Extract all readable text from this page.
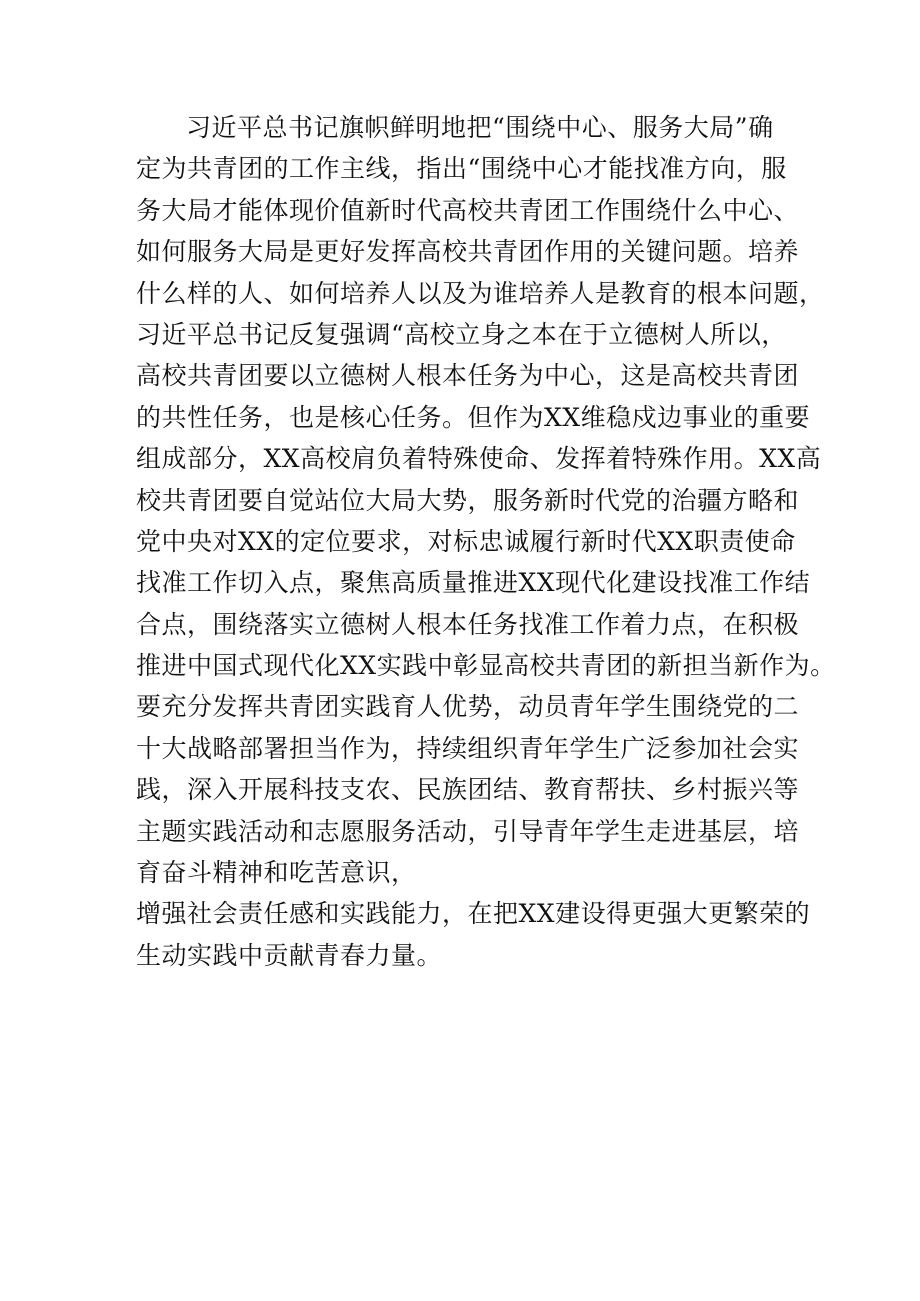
习近平总书记旗帜鲜明地把“围绕中心、服务大局”确
定为共青团的工作主线，指出“围绕中心才能找准方向，服
务大局才能体现价值新时代高校共青团工作围绕什么中心、
如何服务大局是更好发挥高校共青团作用的关键问题。培养
什么样的人、如何培养人以及为谁培养人是教育的根本问题，
习近平总书记反复强调“高校立身之本在于立德树人所以，
高校共青团要以立德树人根本任务为中心，这是高校共青团
的共性任务，也是核心任务。但作为XX维稳戍边事业的重要
组成部分，XX高校肩负着特殊使命、发挥着特殊作用。XX高
校共青团要自觉站位大局大势，服务新时代党的治疆方略和
党中央对XX的定位要求，对标忠诚履行新时代XX职责使命
找准工作切入点，聚焦高质量推进XX现代化建设找准工作结
合点，围绕落实立德树人根本任务找准工作着力点，在积极
推进中国式现代化XX实践中彰显高校共青团的新担当新作为。
要充分发挥共青团实践育人优势，动员青年学生围绕党的二
十大战略部署担当作为，持续组织青年学生广泛参加社会实
践，深入开展科技支农、民族团结、教育帮扶、乡村振兴等
主题实践活动和志愿服务活动，引导青年学生走进基层，培
育奋斗精神和吃苦意识，
增强社会责任感和实践能力，在把XX建设得更强大更繁荣的
生动实践中贡献青春力量。
